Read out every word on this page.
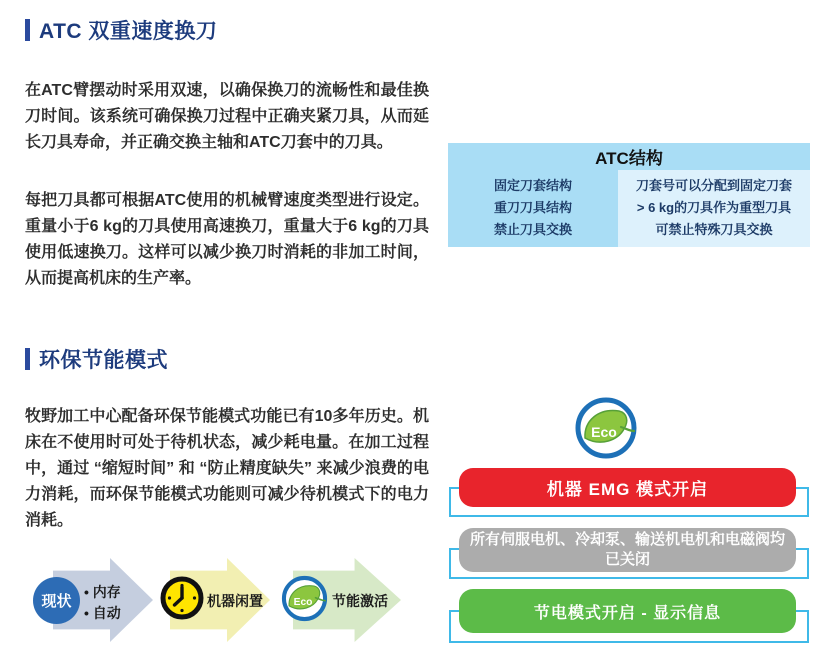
ATC 双重速度换刀

在ATC臂摆动时采用双速，以确保换刀的流畅性和最佳换刀时间。该系统可确保换刀过程中正确夹紧刀具，从而延长刀具寿命，并正确交换主轴和ATC刀套中的刀具。

每把刀具都可根据ATC使用的机械臂速度类型进行设定。重量小于6 kg的刀具使用高速换刀，重量大于6 kg的刀具使用低速换刀。这样可以减少换刀时消耗的非加工时间，从而提高机床的生产率。

ATC结构
固定刀套结构
重刀刀具结构
禁止刀具交换
刀套号可以分配到固定刀套
> 6 kg的刀具作为重型刀具
可禁止特殊刀具交换
环保节能模式

牧野加工中心配备环保节能模式功能已有10多年历史。机床在不使用时可处于待机状态，减少耗电量。在加工过程中，通过 “缩短时间” 和 “防止精度缺失” 来减少浪费的电力消耗，而环保节能模式功能则可减少待机模式下的电力消耗。

现状
• 内存
• 自动
机器闲置 Eco 节能激活
Eco
机器 EMG 模式开启
所有伺服电机、冷却泵、输送机电机和电磁阀均已关闭
节电模式开启 - 显示信息
